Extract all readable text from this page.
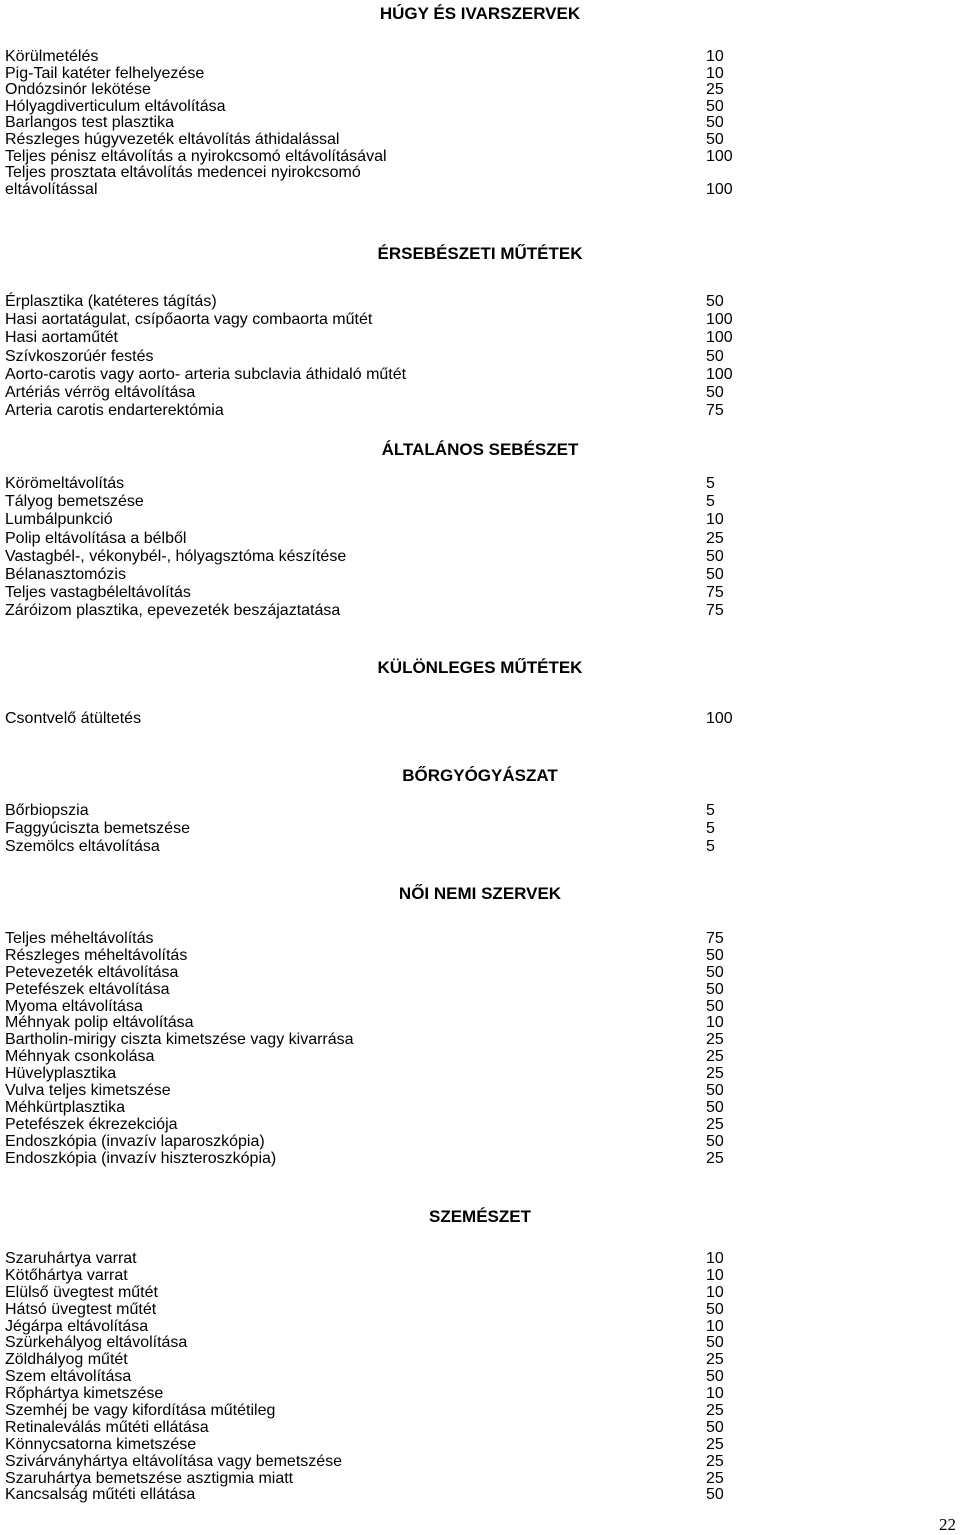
HÚGY ÉS IVARSZERVEK
Körülmetélés	10
Pig-Tail katéter felhelyezése	10
Ondózsinór lekötése	25
Hólyagdiverticulum eltávolítása	50
Barlangos test plasztika	50
Részleges húgyvezeték eltávolítás áthidalással	50
Teljes pénisz eltávolítás a nyirokcsomó eltávolításával	100
Teljes prosztata eltávolítás medencei nyirokcsomó
eltávolítással	100
ÉRSEBÉSZETI MŰTÉTEK
Érplasztika (katéteres tágítás)	50
Hasi aortatágulat, csípőaorta vagy combaorta műtét	100
Hasi aortaműtét	100
Szívkoszorúér festés	50
Aorto-carotis vagy aorto- arteria subclavia áthidaló műtét	100
Artériás vérrög eltávolítása	50
Arteria carotis endarterektómia	75
ÁLTALÁNOS SEBÉSZET
Körömeltávolítás	5
Tályog bemetszése	5
Lumbálpunkció	10
Polip eltávolítása a bélből	25
Vastagbél-, vékonybél-, hólyagsztóma készítése	50
Bélanasztomózis	50
Teljes vastagbéleltávolítás	75
Záróizom plasztika, epevezeték beszájaztatása	75
KÜLÖNLEGES MŰTÉTEK
Csontvelő átültetés	100
BŐRGYÓGYÁSZAT
Bőrbiopszia	5
Faggyúciszta bemetszése	5
Szemölcs eltávolítása	5
NŐI NEMI SZERVEK
Teljes méheltávolítás	75
Részleges méheltávolítás	50
Petevezeték eltávolítása	50
Petefészek eltávolítása	50
Myoma eltávolítása	50
Méhnyak polip eltávolítása	10
Bartholin-mirigy ciszta kimetszése vagy kivarrása	25
Méhnyak csonkolása	25
Hüvelyplasztika	25
Vulva teljes kimetszése	50
Méhkürtplasztika	50
Petefészek ékrezekciója	25
Endoszkópia (invazív laparoszkópia)	50
Endoszkópia (invazív hiszteroszkópia)	25
SZEMÉSZET
Szaruhártya varrat	10
Kötőhártya varrat	10
Elülső üvegtest műtét	10
Hátsó üvegtest műtét	50
Jégárpa eltávolítása	10
Szürkehályog eltávolítása	50
Zöldhályog műtét	25
Szem eltávolítása	50
Rőphártya kimetszése	10
Szemhéj be vagy kifordítása műtétileg	25
Retinaleválás műtéti ellátása	50
Könnycsatorna kimetszése	25
Szivárványhártya eltávolítása vagy bemetszése	25
Szaruhártya bemetszése asztigmia miatt	25
Kancsalság műtéti ellátása	50
22
